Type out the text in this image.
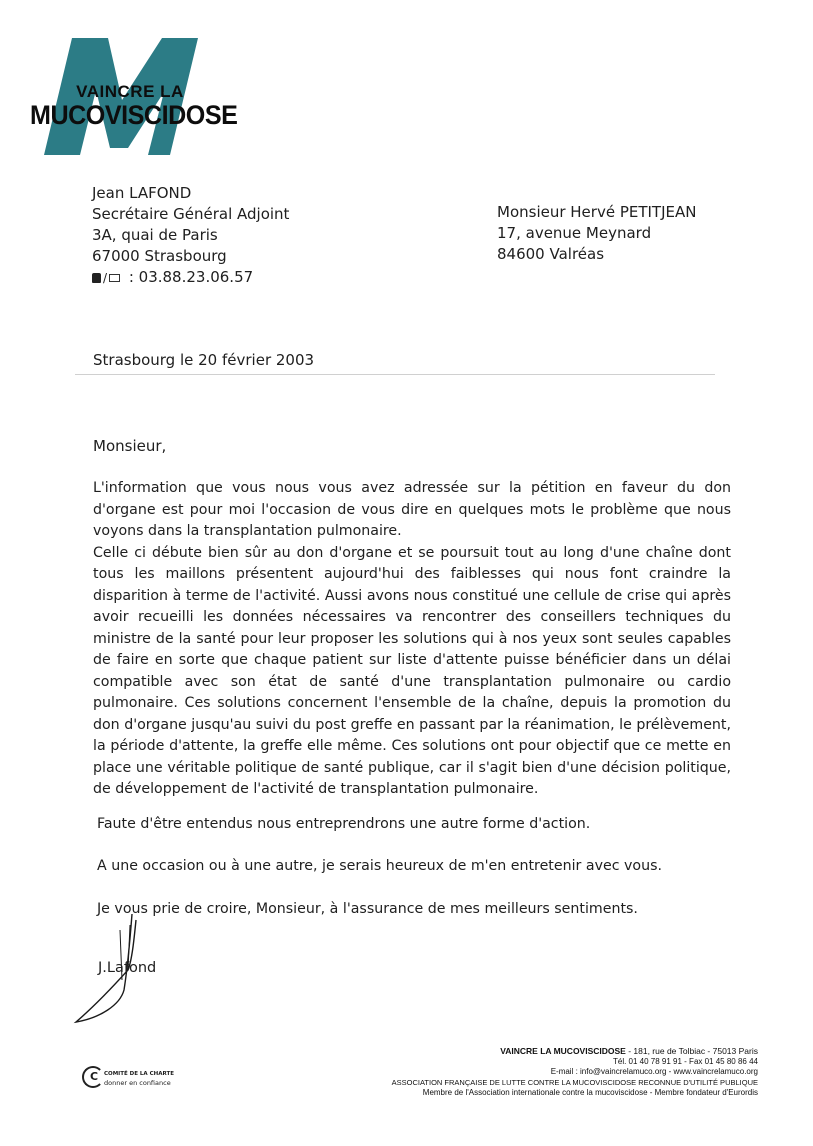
VAINCRE LA
MUCOVISCIDOSE
Jean LAFOND
Secrétaire Général Adjoint
3A, quai de Paris
67000 Strasbourg
/ : 03.88.23.06.57
Monsieur Hervé PETITJEAN
17, avenue Meynard
84600 Valréas
Strasbourg le 20 février 2003
Monsieur,

L'information que vous nous vous avez adressée sur la pétition en faveur du don d'organe est pour moi l'occasion de vous dire en quelques mots le problème que nous voyons dans la transplantation pulmonaire.

Celle ci débute bien sûr au don d'organe et se poursuit tout au long d'une chaîne dont tous les maillons présentent aujourd'hui des faiblesses qui nous font craindre la disparition à terme de l'activité. Aussi avons nous constitué une cellule de crise qui après avoir recueilli les données nécessaires va rencontrer des conseillers techniques du ministre de la santé pour leur proposer les solutions qui à nos yeux sont seules capables de faire en sorte que chaque patient sur liste d'attente puisse bénéficier dans un délai compatible avec son état de santé d'une transplantation pulmonaire ou cardio pulmonaire. Ces solutions concernent l'ensemble de la chaîne, depuis la promotion du don d'organe jusqu'au suivi du post greffe en passant par la réanimation, le prélèvement, la période d'attente, la greffe elle même. Ces solutions ont pour objectif que ce mette en place une véritable politique de santé publique, car il s'agit bien d'une décision politique, de développement de l'activité de transplantation pulmonaire.

Faute d'être entendus nous entreprendrons une autre forme d'action.
A une occasion ou à une autre, je serais heureux de m'en entretenir avec vous.
Je vous prie de croire, Monsieur, à l'assurance de mes meilleurs sentiments.
J.Lafond
C COMITÉ DE LA CHARTE
donner en confiance
VAINCRE LA MUCOVISCIDOSE - 181, rue de Tolbiac - 75013 Paris
Tél. 01 40 78 91 91 - Fax 01 45 80 86 44
E-mail : info@vaincrelamuco.org - www.vaincrelamuco.org
ASSOCIATION FRANÇAISE DE LUTTE CONTRE LA MUCOVISCIDOSE RECONNUE D'UTILITÉ PUBLIQUE
Membre de l'Association internationale contre la mucoviscidose - Membre fondateur d'Eurordis
